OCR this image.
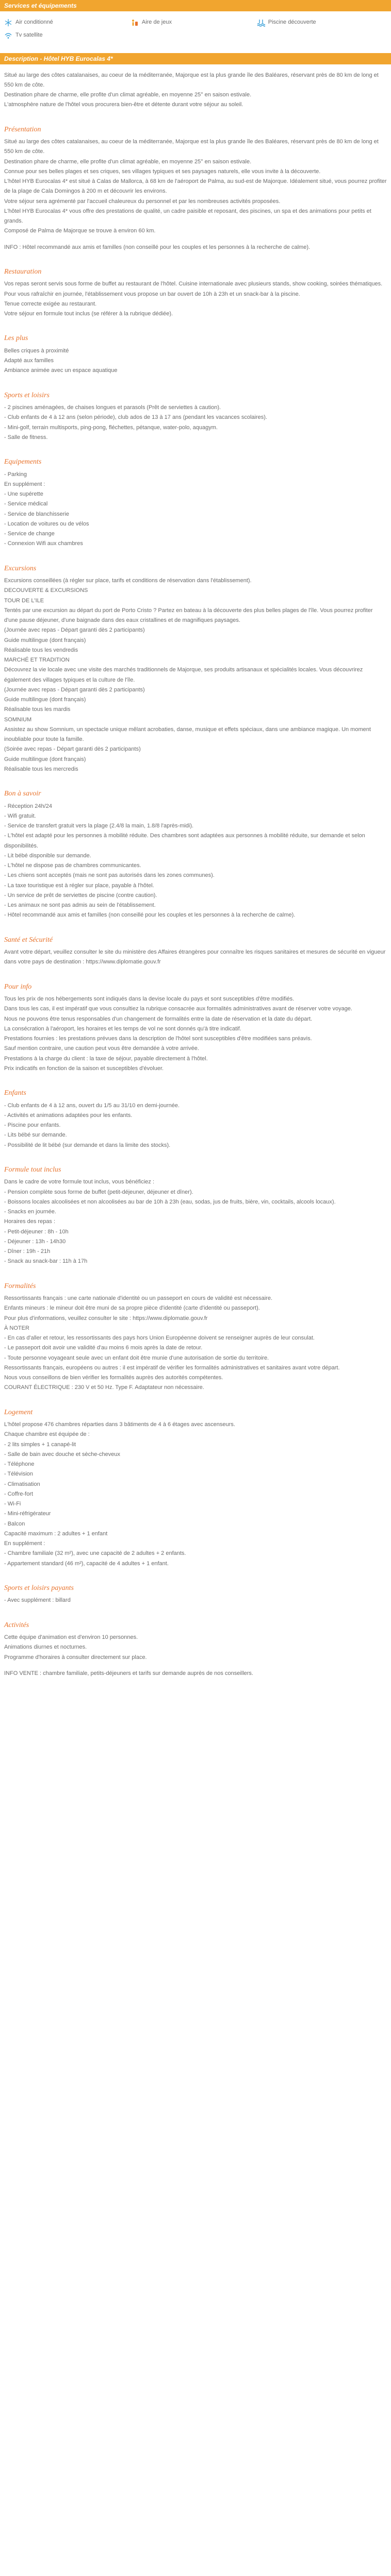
Services et équipements
Air conditionné	Aire de jeux	Piscine découverte
Tv satellite
Description - Hôtel HYB Eurocalas 4*

Situé au large des côtes catalanaises, au coeur de la méditerranée, Majorque est la plus grande île des Baléares, réservant près de 80 km de long et 550 km de côte.

Destination phare de charme, elle profite d'un climat agréable, en moyenne 25° en saison estivale.

L'atmosphère nature de l'hôtel vous procurera bien-être et détente durant votre séjour au soleil.

Présentation

Situé au large des côtes catalanaises, au coeur de la méditerranée, Majorque est la plus grande île des Baléares, réservant près de 80 km de long et 550 km de côte.

Destination phare de charme, elle profite d'un climat agréable, en moyenne 25° en saison estivale.

Connue pour ses belles plages et ses criques, ses villages typiques et ses paysages naturels, elle vous invite à la découverte.

L'hôtel HYB Eurocalas 4* est situé à Calas de Mallorca, à 68 km de l'aéroport de Palma, au sud-est de Majorque. Idéalement situé, vous pourrez profiter de la plage de Cala Domingos à 200 m et découvrir les environs.

Votre séjour sera agrémenté par l'accueil chaleureux du personnel et par les nombreuses activités proposées.

L'hôtel HYB Eurocalas 4* vous offre des prestations de qualité, un cadre paisible et reposant, des piscines, un spa et des animations pour petits et grands.

Composé de Palma de Majorque se trouve à environ 60 km.

INFO : Hôtel recommandé aux amis et familles (non conseillé pour les couples et les personnes à la recherche de calme).

Restauration

Vos repas seront servis sous forme de buffet au restaurant de l'hôtel. Cuisine internationale avec plusieurs stands, show cooking, soirées thématiques.

Pour vous rafraîchir en journée, l'établissement vous propose un bar ouvert de 10h à 23h et un snack-bar à la piscine.

Tenue correcte exigée au restaurant.

Votre séjour en formule tout inclus (se référer à la rubrique dédiée).

Les plus

Belles criques à proximité

Adapté aux familles

Ambiance animée avec un espace aquatique

Sports et loisirs

- 2 piscines aménagées, de chaises longues et parasols (Prêt de serviettes à caution).

- Club enfants de 4 à 12 ans (selon période), club ados de 13 à 17 ans (pendant les vacances scolaires).

- Mini-golf, terrain multisports, ping-pong, fléchettes, pétanque, water-polo, aquagym.

- Salle de fitness.

Equipements

- Parking

En supplément :

- Une supérette

- Service médical

- Service de blanchisserie

- Location de voitures ou de vélos

- Service de change

- Connexion Wifi aux chambres

Excursions

Excursions conseillées (à régler sur place, tarifs et conditions de réservation dans l'établissement).

DECOUVERTE & EXCURSIONS

TOUR DE L'ILE

Tentés par une excursion au départ du port de Porto Cristo ? Partez en bateau à la découverte des plus belles plages de l'île. Vous pourrez profiter d'une pause déjeuner, d'une baignade dans des eaux cristallines et de magnifiques paysages.

(Journée avec repas - Départ garanti dès 2 participants)

Guide multilingue (dont français)

Réalisable tous les vendredis

MARCHÉ ET TRADITION

Découvrez la vie locale avec une visite des marchés traditionnels de Majorque, ses produits artisanaux et spécialités locales. Vous découvrirez également des villages typiques et la culture de l'île.

(Journée avec repas - Départ garanti dès 2 participants)

Guide multilingue (dont français)

Réalisable tous les mardis

SOMNIUM

Assistez au show Somnium, un spectacle unique mêlant acrobaties, danse, musique et effets spéciaux, dans une ambiance magique. Un moment inoubliable pour toute la famille.

(Soirée avec repas - Départ garanti dès 2 participants)

Guide multilingue (dont français)

Réalisable tous les mercredis

Bon à savoir

- Réception 24h/24

- Wifi gratuit.

- Service de transfert gratuit vers la plage (2.4/8 la main, 1.8/8 l'après-midi).

- L'hôtel est adapté pour les personnes à mobilité réduite. Des chambres sont adaptées aux personnes à mobilité réduite, sur demande et selon disponibilités.

- Lit bébé disponible sur demande.

- L'hôtel ne dispose pas de chambres communicantes.

- Les chiens sont acceptés (mais ne sont pas autorisés dans les zones communes).

- La taxe touristique est à régler sur place, payable à l'hôtel.

- Un service de prêt de serviettes de piscine (contre caution).

- Les animaux ne sont pas admis au sein de l'établissement.

- Hôtel recommandé aux amis et familles (non conseillé pour les couples et les personnes à la recherche de calme).

Santé et Sécurité

Avant votre départ, veuillez consulter le site du ministère des Affaires étrangères pour connaître les risques sanitaires et mesures de sécurité en vigueur dans votre pays de destination : https://www.diplomatie.gouv.fr

Pour info

Tous les prix de nos hébergements sont indiqués dans la devise locale du pays et sont susceptibles d'être modifiés.

Dans tous les cas, il est impératif que vous consultiez la rubrique consacrée aux formalités administratives avant de réserver votre voyage.

Nous ne pouvons être tenus responsables d'un changement de formalités entre la date de réservation et la date du départ.

La consécration à l'aéroport, les horaires et les temps de vol ne sont donnés qu'à titre indicatif.

Prestations fournies : les prestations prévues dans la description de l'hôtel sont susceptibles d'être modifiées sans préavis.

Sauf mention contraire, une caution peut vous être demandée à votre arrivée.

Prestations à la charge du client : la taxe de séjour, payable directement à l'hôtel.

Prix indicatifs en fonction de la saison et susceptibles d'évoluer.

Enfants

- Club enfants de 4 à 12 ans, ouvert du 1/5 au 31/10 en demi-journée.

- Activités et animations adaptées pour les enfants.

- Piscine pour enfants.

- Lits bébé sur demande.

- Possibilité de lit bébé (sur demande et dans la limite des stocks).

Formule tout inclus

Dans le cadre de votre formule tout inclus, vous bénéficiez :

- Pension complète sous forme de buffet (petit-déjeuner, déjeuner et dîner).

- Boissons locales alcoolisées et non alcoolisées au bar de 10h à 23h (eau, sodas, jus de fruits, bière, vin, cocktails, alcools locaux).

- Snacks en journée.

Horaires des repas :

- Petit-déjeuner : 8h - 10h

- Déjeuner : 13h - 14h30

- Dîner : 19h - 21h

- Snack au snack-bar : 11h à 17h

Formalités

Ressortissants français : une carte nationale d'identité ou un passeport en cours de validité est nécessaire.

Enfants mineurs : le mineur doit être muni de sa propre pièce d'identité (carte d'identité ou passeport).

Pour plus d'informations, veuillez consulter le site : https://www.diplomatie.gouv.fr

À NOTER

- En cas d'aller et retour, les ressortissants des pays hors Union Européenne doivent se renseigner auprès de leur consulat.

- Le passeport doit avoir une validité d'au moins 6 mois après la date de retour.

- Toute personne voyageant seule avec un enfant doit être munie d'une autorisation de sortie du territoire.

Ressortissants français, européens ou autres : il est impératif de vérifier les formalités administratives et sanitaires avant votre départ.

Nous vous conseillons de bien vérifier les formalités auprès des autorités compétentes.

COURANT ÉLECTRIQUE : 230 V et 50 Hz. Type F. Adaptateur non nécessaire.

Logement

L'hôtel propose 476 chambres réparties dans 3 bâtiments de 4 à 6 étages avec ascenseurs.

Chaque chambre est équipée de :

- 2 lits simples + 1 canapé-lit

- Salle de bain avec douche et sèche-cheveux

- Téléphone

- Télévision

- Climatisation

- Coffre-fort

- Wi-Fi

- Mini-réfrigérateur

- Balcon

Capacité maximum : 2 adultes + 1 enfant

En supplément :

- Chambre familiale (32 m²), avec une capacité de 2 adultes + 2 enfants.

- Appartement standard (46 m²), capacité de 4 adultes + 1 enfant.

Sports et loisirs payants

- Avec supplément : billard

Activités

Cette équipe d'animation est d'environ 10 personnes.

Animations diurnes et nocturnes.

Programme d'horaires à consulter directement sur place.

INFO VENTE : chambre familiale, petits-déjeuners et tarifs sur demande auprès de nos conseillers.
